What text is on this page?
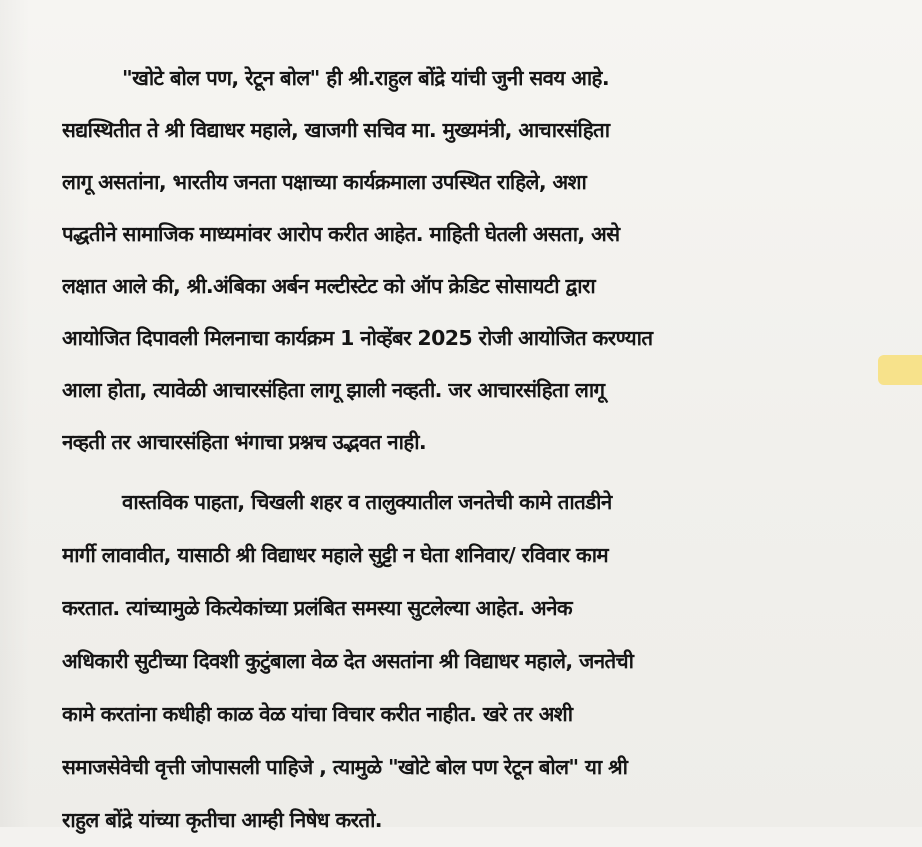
"खोटे बोल पण, रेटून बोल" ही श्री.राहुल बोंद्रे यांची जुनी सवय आहे.
सद्यस्थितीत ते श्री विद्याधर महाले, खाजगी सचिव मा. मुख्यमंत्री, आचारसंहिता
लागू असतांना, भारतीय जनता पक्षाच्या कार्यक्रमाला उपस्थित राहिले, अशा
पद्धतीने सामाजिक माध्यमांवर आरोप करीत आहेत. माहिती घेतली असता, असे
लक्षात आले की, श्री.अंबिका अर्बन मल्टीस्टेट को ऑप क्रेडिट सोसायटी द्वारा
आयोजित दिपावली मिलनाचा कार्यक्रम 1 नोव्हेंबर 2025 रोजी आयोजित करण्यात
आला होता, त्यावेळी आचारसंहिता लागू झाली नव्हती. जर आचारसंहिता लागू
नव्हती तर आचारसंहिता भंगाचा प्रश्नच उद्भवत नाही.
वास्तविक पाहता, चिखली शहर व तालुक्यातील जनतेची कामे तातडीने
मार्गी लावावीत, यासाठी श्री विद्याधर महाले सुट्टी न घेता शनिवार/ रविवार काम
करतात. त्यांच्यामुळे कित्येकांच्या प्रलंबित समस्या सुटलेल्या आहेत. अनेक
अधिकारी सुटीच्या दिवशी कुटुंबाला वेळ देत असतांना श्री विद्याधर महाले, जनतेची
कामे करतांना कधीही काळ वेळ यांचा विचार करीत नाहीत. खरे तर अशी
समाजसेवेची वृत्ती जोपासली पाहिजे , त्यामुळे "खोटे बोल पण रेटून बोल" या श्री
राहुल बोंद्रे यांच्या कृतीचा आम्ही निषेध करतो.
